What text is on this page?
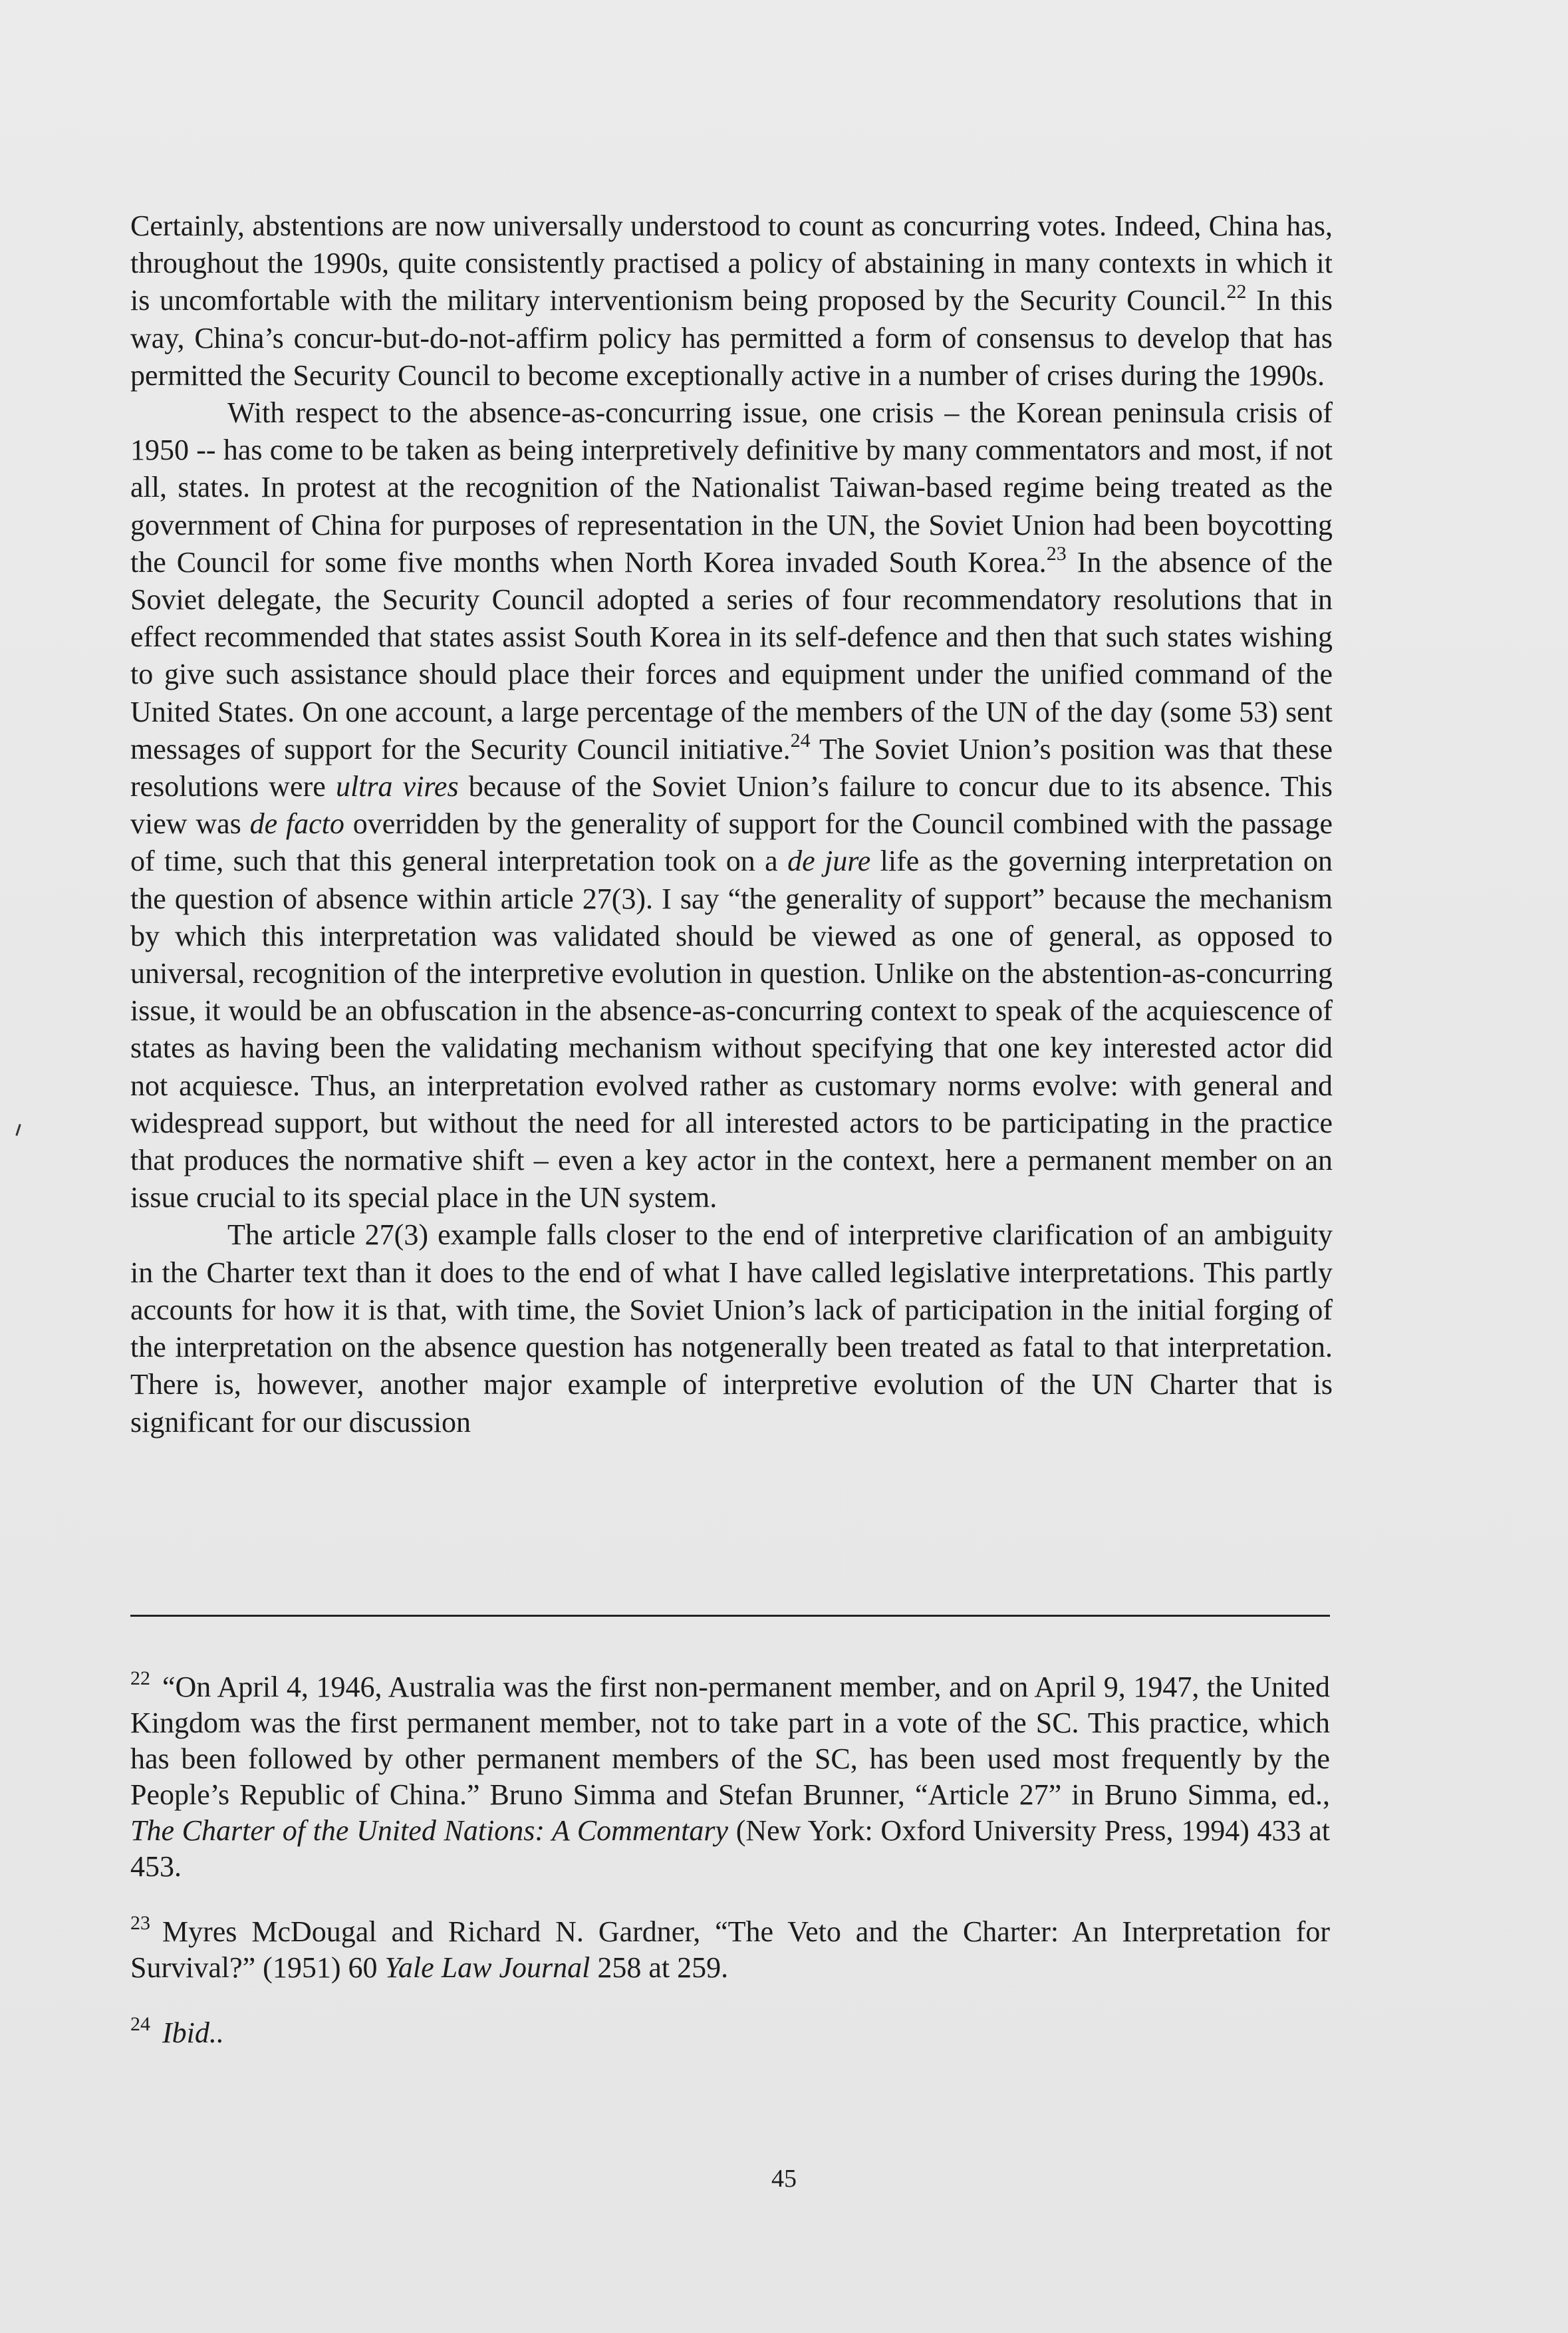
Certainly, abstentions are now universally understood to count as concurring votes. Indeed, China has, throughout the 1990s, quite consistently practised a policy of abstaining in many contexts in which it is uncomfortable with the military interventionism being proposed by the Security Council.$^{22}$ In this way, China’s concur-but-do-not-affirm policy has permitted a form of consensus to develop that has permitted the Security Council to become exceptionally active in a number of crises during the 1990s.

With respect to the absence-as-concurring issue, one crisis – the Korean peninsula crisis of 1950 -- has come to be taken as being interpretively definitive by many commentators and most, if not all, states. In protest at the recognition of the Nationalist Taiwan-based regime being treated as the government of China for purposes of representation in the UN, the Soviet Union had been boycotting the Council for some five months when North Korea invaded South Korea.$^{23}$ In the absence of the Soviet delegate, the Security Council adopted a series of four recommendatory resolutions that in effect recommended that states assist South Korea in its self-defence and then that such states wishing to give such assistance should place their forces and equipment under the unified command of the United States. On one account, a large percentage of the members of the UN of the day (some 53) sent messages of support for the Security Council initiative.$^{24}$ The Soviet Union’s position was that these resolutions were ultra vires because of the Soviet Union’s failure to concur due to its absence. This view was de facto overridden by the generality of support for the Council combined with the passage of time, such that this general interpretation took on a de jure life as the governing interpretation on the question of absence within article 27(3). I say “the generality of support” because the mechanism by which this interpretation was validated should be viewed as one of general, as opposed to universal, recognition of the interpretive evolution in question. Unlike on the abstention-as-concurring issue, it would be an obfuscation in the absence-as-concurring context to speak of the acquiescence of states as having been the validating mechanism without specifying that one key interested actor did not acquiesce. Thus, an interpretation evolved rather as customary norms evolve: with general and widespread support, but without the need for all interested actors to be participating in the practice that produces the normative shift – even a key actor in the context, here a permanent member on an issue crucial to its special place in the UN system.

The article 27(3) example falls closer to the end of interpretive clarification of an ambiguity in the Charter text than it does to the end of what I have called legislative interpretations. This partly accounts for how it is that, with time, the Soviet Union’s lack of participation in the initial forging of the interpretation on the absence question has notgenerally been treated as fatal to that interpretation. There is, however, another major example of interpretive evolution of the UN Charter that is significant for our discussion

$^{22}$ “On April 4, 1946, Australia was the first non-permanent member, and on April 9, 1947, the United Kingdom was the first permanent member, not to take part in a vote of the SC. This practice, which has been followed by other permanent members of the SC, has been used most frequently by the People’s Republic of China.” Bruno Simma and Stefan Brunner, “Article 27” in Bruno Simma, ed., The Charter of the United Nations: A Commentary (New York: Oxford University Press, 1994) 433 at 453.

$^{23}$ Myres McDougal and Richard N. Gardner, “The Veto and the Charter: An Interpretation for Survival?” (1951) 60 Yale Law Journal 258 at 259.

$^{24}$ Ibid..

45
